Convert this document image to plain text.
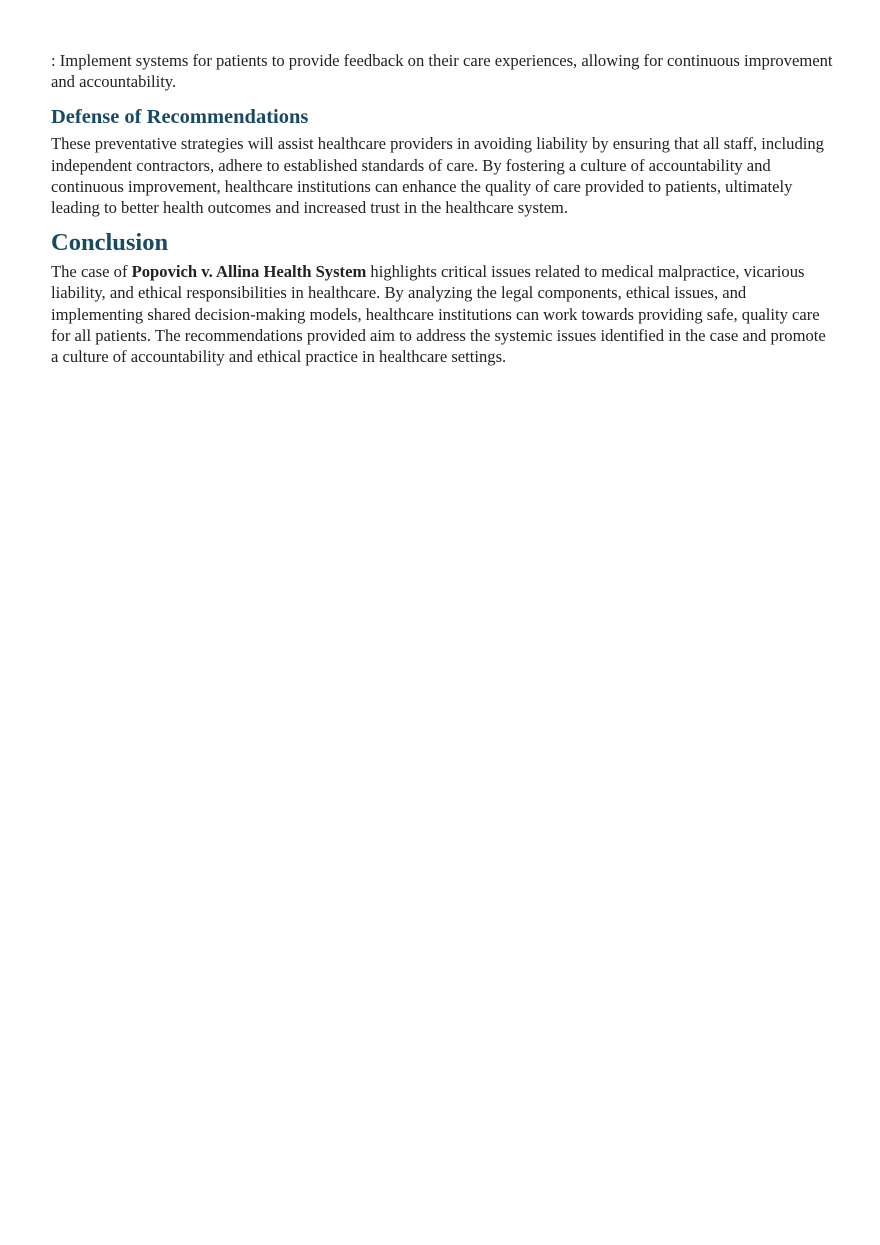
: Implement systems for patients to provide feedback on their care experiences, allowing for continuous improvement and accountability.

Defense of Recommendations

These preventative strategies will assist healthcare providers in avoiding liability by ensuring that all staff, including independent contractors, adhere to established standards of care. By fostering a culture of accountability and continuous improvement, healthcare institutions can enhance the quality of care provided to patients, ultimately leading to better health outcomes and increased trust in the healthcare system.

Conclusion

The case of Popovich v. Allina Health System highlights critical issues related to medical malpractice, vicarious liability, and ethical responsibilities in healthcare. By analyzing the legal components, ethical issues, and implementing shared decision-making models, healthcare institutions can work towards providing safe, quality care for all patients. The recommendations provided aim to address the systemic issues identified in the case and promote a culture of accountability and ethical practice in healthcare settings.
